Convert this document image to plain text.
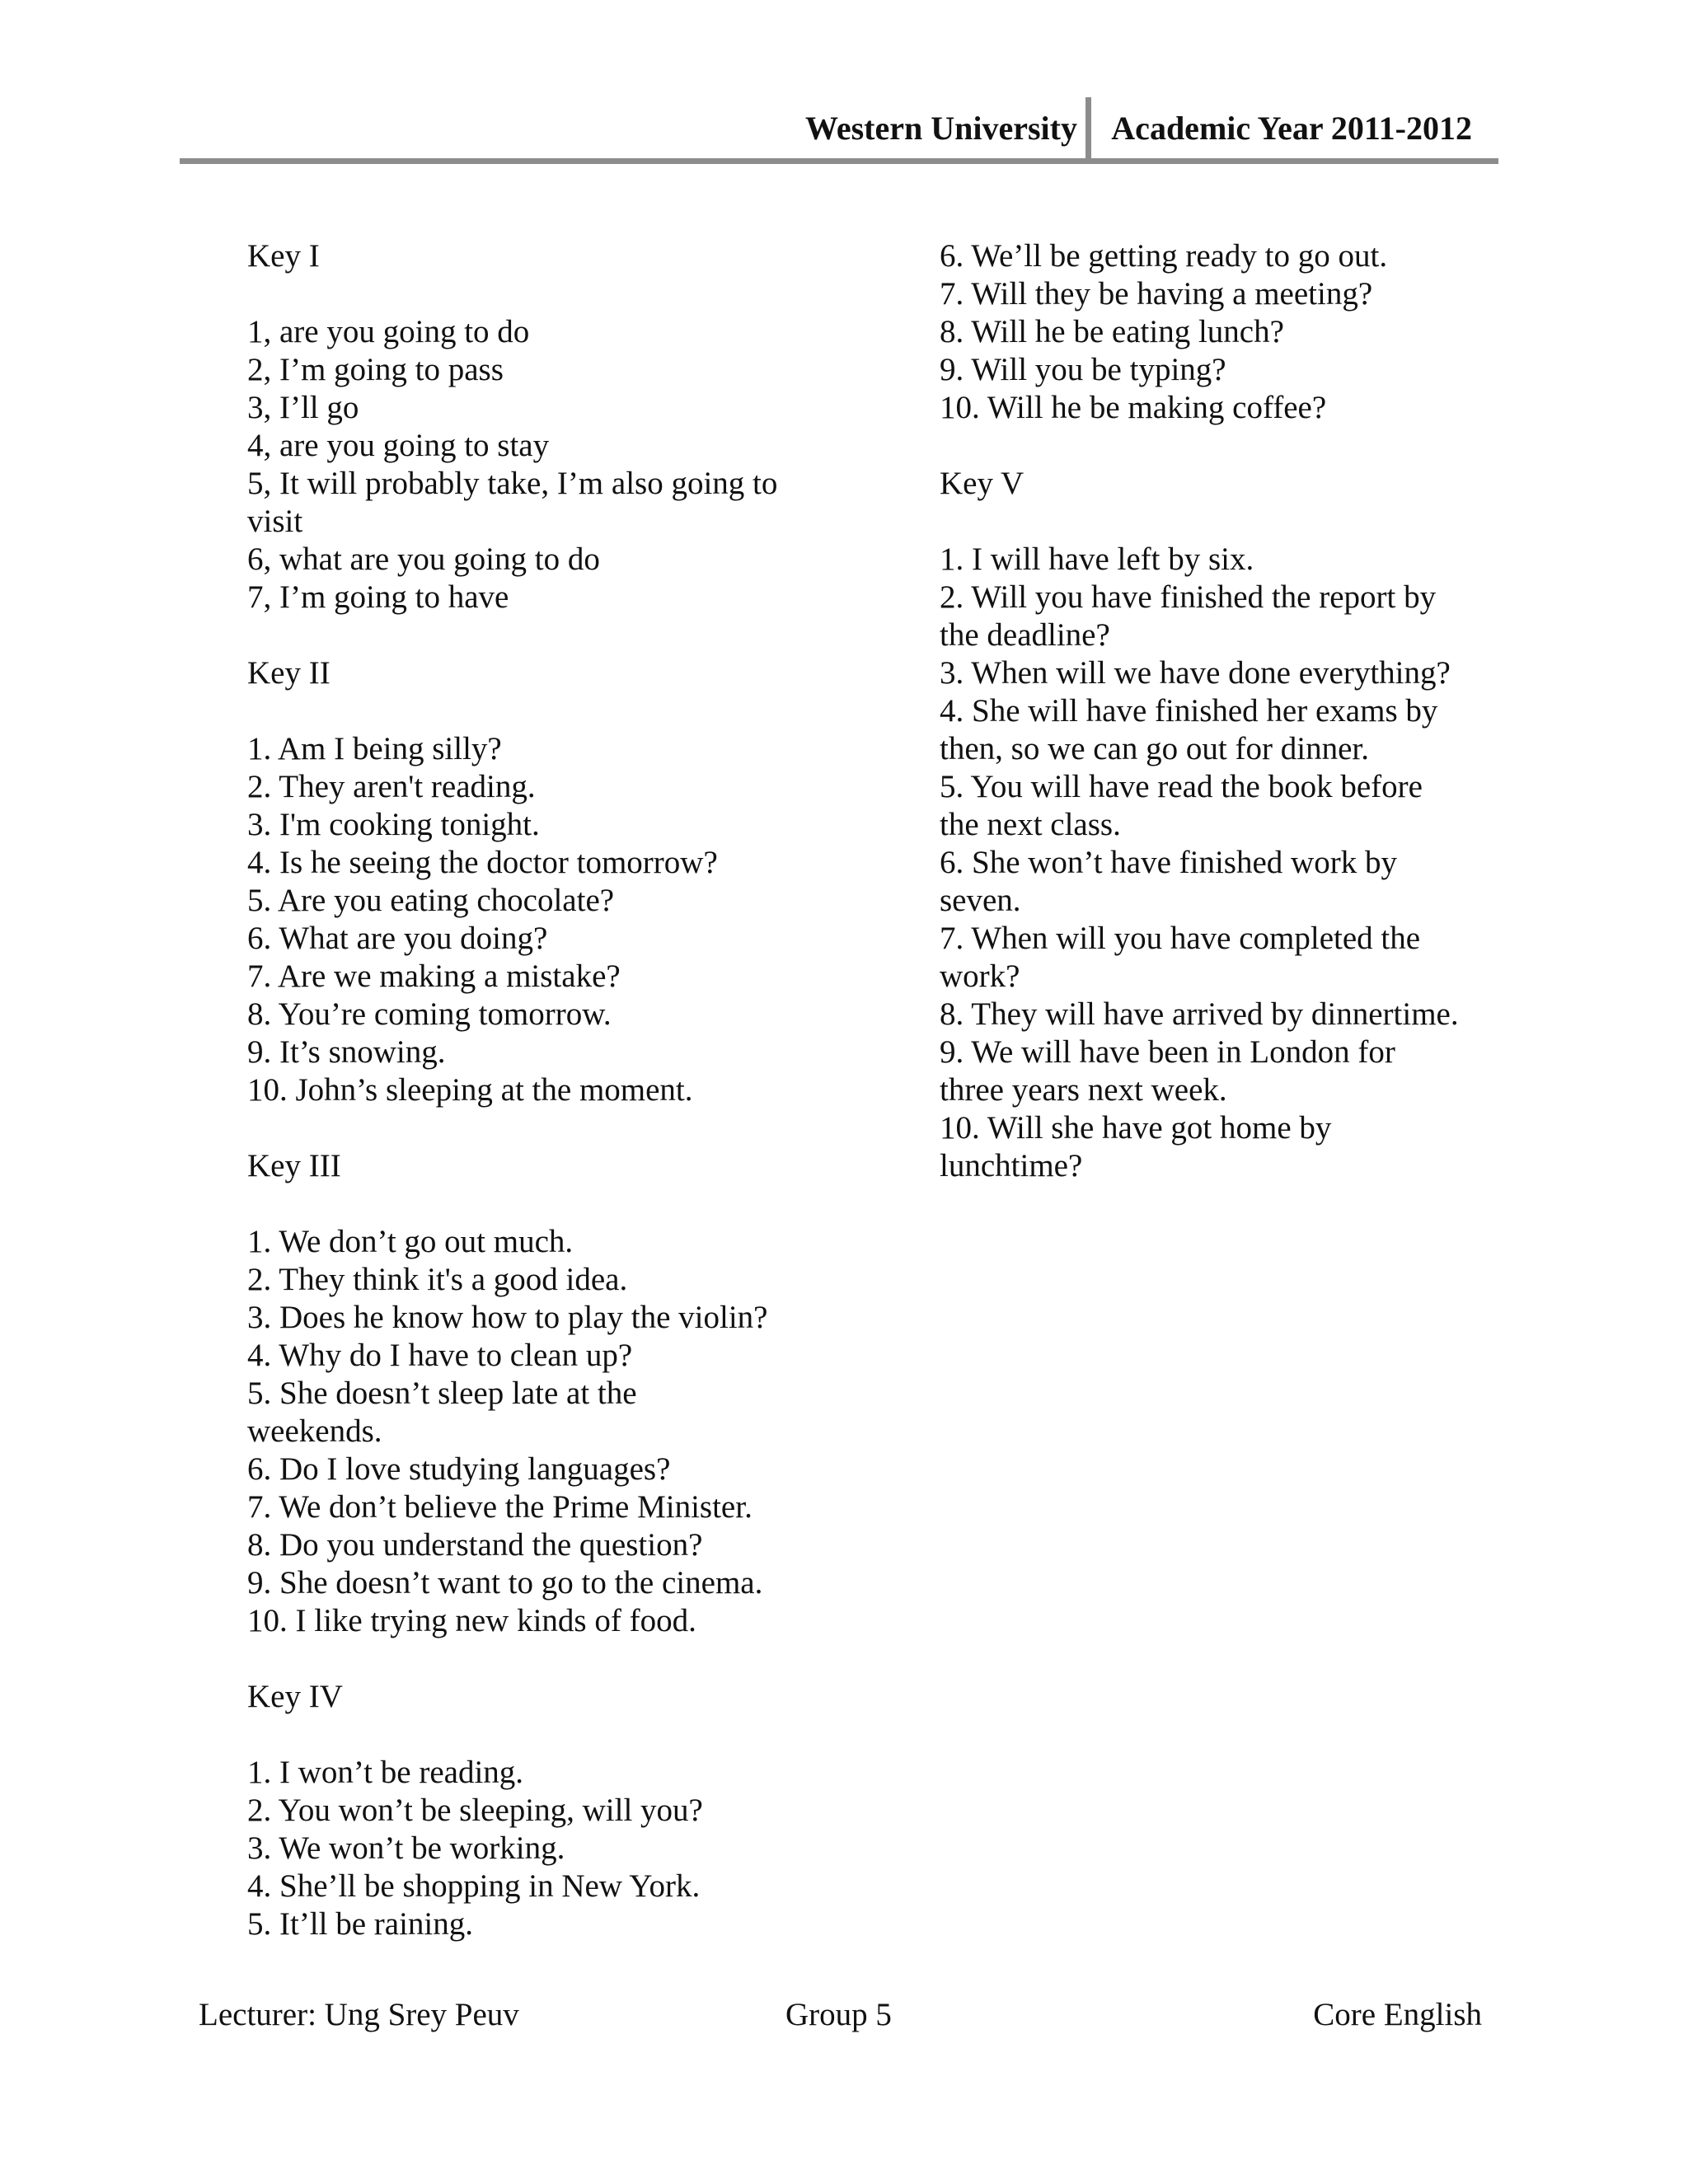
Western University Academic Year 2011-2012
Key I
1, are you going to do
2, I’m going to pass
3, I’ll go
4, are you going to stay
5, It will probably take, I’m also going to
visit
6, what are you going to do
7, I’m going to have
Key II
1. Am I being silly?
2. They aren't reading.
3. I'm cooking tonight.
4. Is he seeing the doctor tomorrow?
5. Are you eating chocolate?
6. What are you doing?
7. Are we making a mistake?
8. You’re coming tomorrow.
9. It’s snowing.
10. John’s sleeping at the moment.
Key III
1. We don’t go out much.
2. They think it's a good idea.
3. Does he know how to play the violin?
4. Why do I have to clean up?
5. She doesn’t sleep late at the
weekends.
6. Do I love studying languages?
7. We don’t believe the Prime Minister.
8. Do you understand the question?
9. She doesn’t want to go to the cinema.
10. I like trying new kinds of food.
Key IV
1. I won’t be reading.
2. You won’t be sleeping, will you?
3. We won’t be working.
4. She’ll be shopping in New York.
5. It’ll be raining.
6. We’ll be getting ready to go out.
7. Will they be having a meeting?
8. Will he be eating lunch?
9. Will you be typing?
10. Will he be making coffee?
Key V
1. I will have left by six.
2. Will you have finished the report by
the deadline?
3. When will we have done everything?
4. She will have finished her exams by
then, so we can go out for dinner.
5. You will have read the book before
the next class.
6. She won’t have finished work by
seven.
7. When will you have completed the
work?
8. They will have arrived by dinnertime.
9. We will have been in London for
three years next week.
10. Will she have got home by
lunchtime?
Lecturer: Ung Srey Peuv	Group 5	Core English
